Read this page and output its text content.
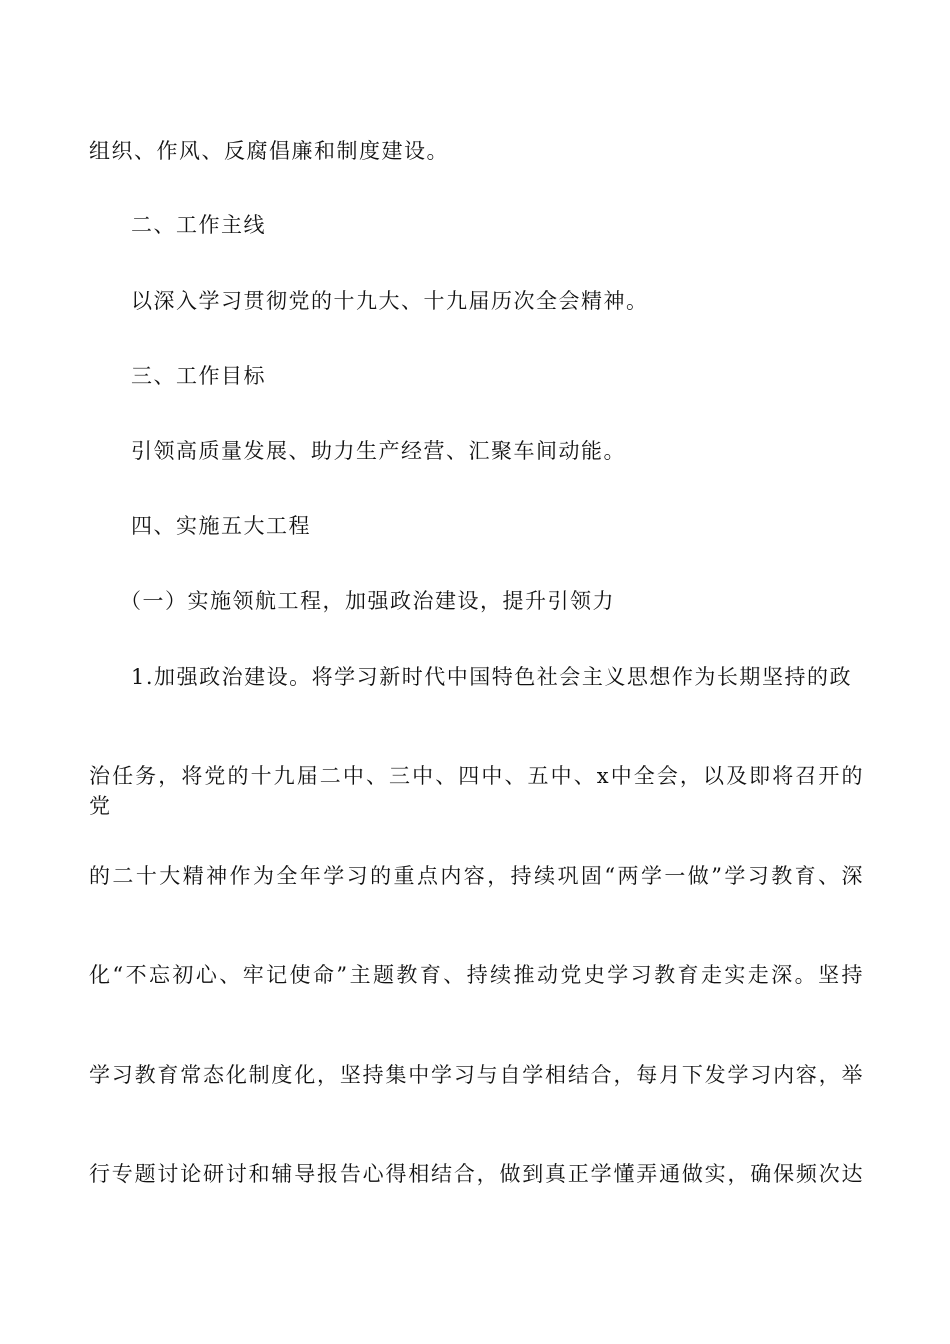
组织、作风、反腐倡廉和制度建设。
二、工作主线
以深入学习贯彻党的十九大、十九届历次全会精神。
三、工作目标
引领高质量发展、助力生产经营、汇聚车间动能。
四、实施五大工程
（一）实施领航工程，加强政治建设，提升引领力
1.加强政治建设。将学习新时代中国特色社会主义思想作为长期坚持的政
治任务，将党的十九届二中、三中、四中、五中、x中全会，以及即将召开的党
的二十大精神作为全年学习的重点内容，持续巩固“两学一做”学习教育、深
化“不忘初心、牢记使命”主题教育、持续推动党史学习教育走实走深。坚持
学习教育常态化制度化，坚持集中学习与自学相结合，每月下发学习内容，举
行专题讨论研讨和辅导报告心得相结合，做到真正学懂弄通做实，确保频次达
